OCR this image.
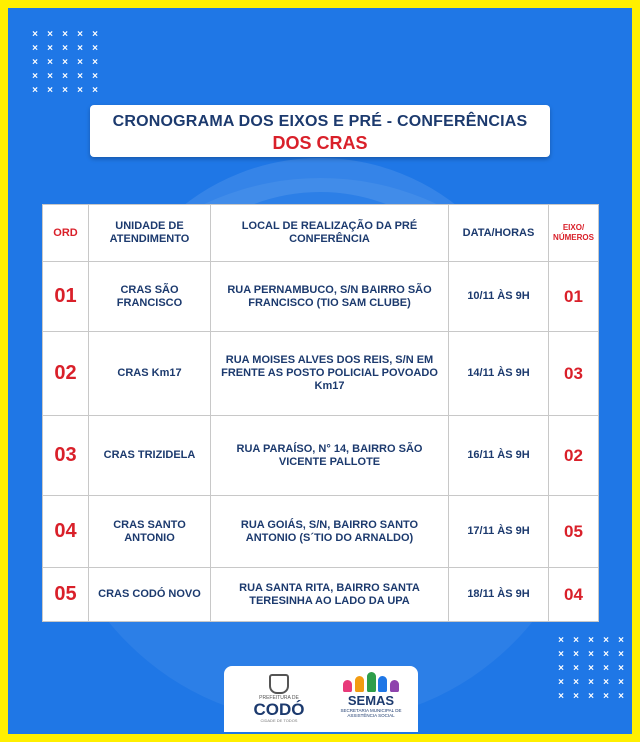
× × × × ×
× × × × ×
× × × × ×
× × × × ×
× × × × ×
× × × × ×
× × × × ×
× × × × ×
× × × × ×
× × × × ×
CRONOGRAMA DOS EIXOS E PRÉ - CONFERÊNCIAS
DOS CRAS
ORD	UNIDADE DE ATENDIMENTO	LOCAL DE REALIZAÇÃO DA PRÉ CONFERÊNCIA	DATA/HORAS	EIXO/ NÚMEROS
01	CRAS SÃO FRANCISCO	RUA PERNAMBUCO, S/N BAIRRO SÃO FRANCISCO (TIO SAM CLUBE)	10/11 ÀS 9H	01
02	CRAS Km17	RUA MOISES ALVES DOS REIS, S/N EM FRENTE AS POSTO POLICIAL POVOADO Km17	14/11 ÀS 9H	03
03	CRAS TRIZIDELA	RUA PARAÍSO, N° 14, BAIRRO SÃO VICENTE PALLOTE	16/11 ÀS 9H	02
04	CRAS SANTO ANTONIO	RUA GOIÁS, S/N, BAIRRO SANTO ANTONIO (S´TIO DO ARNALDO)	17/11 ÀS 9H	05
05	CRAS CODÓ NOVO	RUA SANTA RITA, BAIRRO SANTA TERESINHA AO LADO DA UPA	18/11 ÀS 9H	04
PREFEITURA DE
CODÓ
CIDADE DE TODOS
SEMAS
SECRETARIA MUNICIPAL DE ASSISTÊNCIA SOCIAL
